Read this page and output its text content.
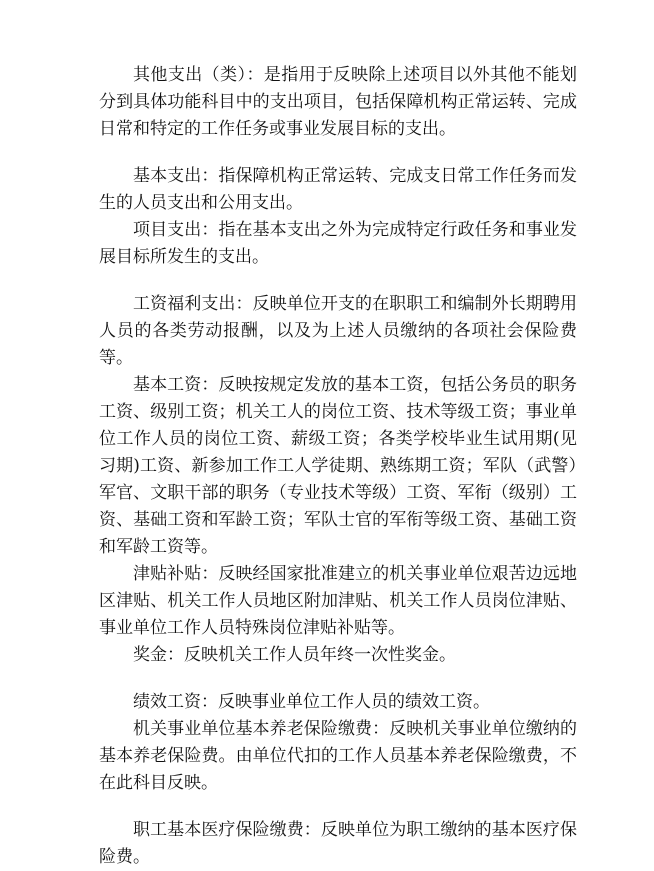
其他支出（类）：是指用于反映除上述项目以外其他不能划分到具体功能科目中的支出项目，包括保障机构正常运转、完成日常和特定的工作任务或事业发展目标的支出。

基本支出：指保障机构正常运转、完成支日常工作任务而发生的人员支出和公用支出。

项目支出：指在基本支出之外为完成特定行政任务和事业发展目标所发生的支出。

工资福利支出：反映单位开支的在职职工和编制外长期聘用人员的各类劳动报酬，以及为上述人员缴纳的各项社会保险费等。

基本工资：反映按规定发放的基本工资，包括公务员的职务工资、级别工资；机关工人的岗位工资、技术等级工资；事业单位工作人员的岗位工资、薪级工资；各类学校毕业生试用期(见习期)工资、新参加工作工人学徒期、熟练期工资；军队（武警）军官、文职干部的职务（专业技术等级）工资、军衔（级别）工资、基础工资和军龄工资；军队士官的军衔等级工资、基础工资和军龄工资等。

津贴补贴：反映经国家批准建立的机关事业单位艰苦边远地区津贴、机关工作人员地区附加津贴、机关工作人员岗位津贴、事业单位工作人员特殊岗位津贴补贴等。

奖金：反映机关工作人员年终一次性奖金。

绩效工资：反映事业单位工作人员的绩效工资。

机关事业单位基本养老保险缴费：反映机关事业单位缴纳的基本养老保险费。由单位代扣的工作人员基本养老保险缴费，不在此科目反映。

职工基本医疗保险缴费：反映单位为职工缴纳的基本医疗保险费。
